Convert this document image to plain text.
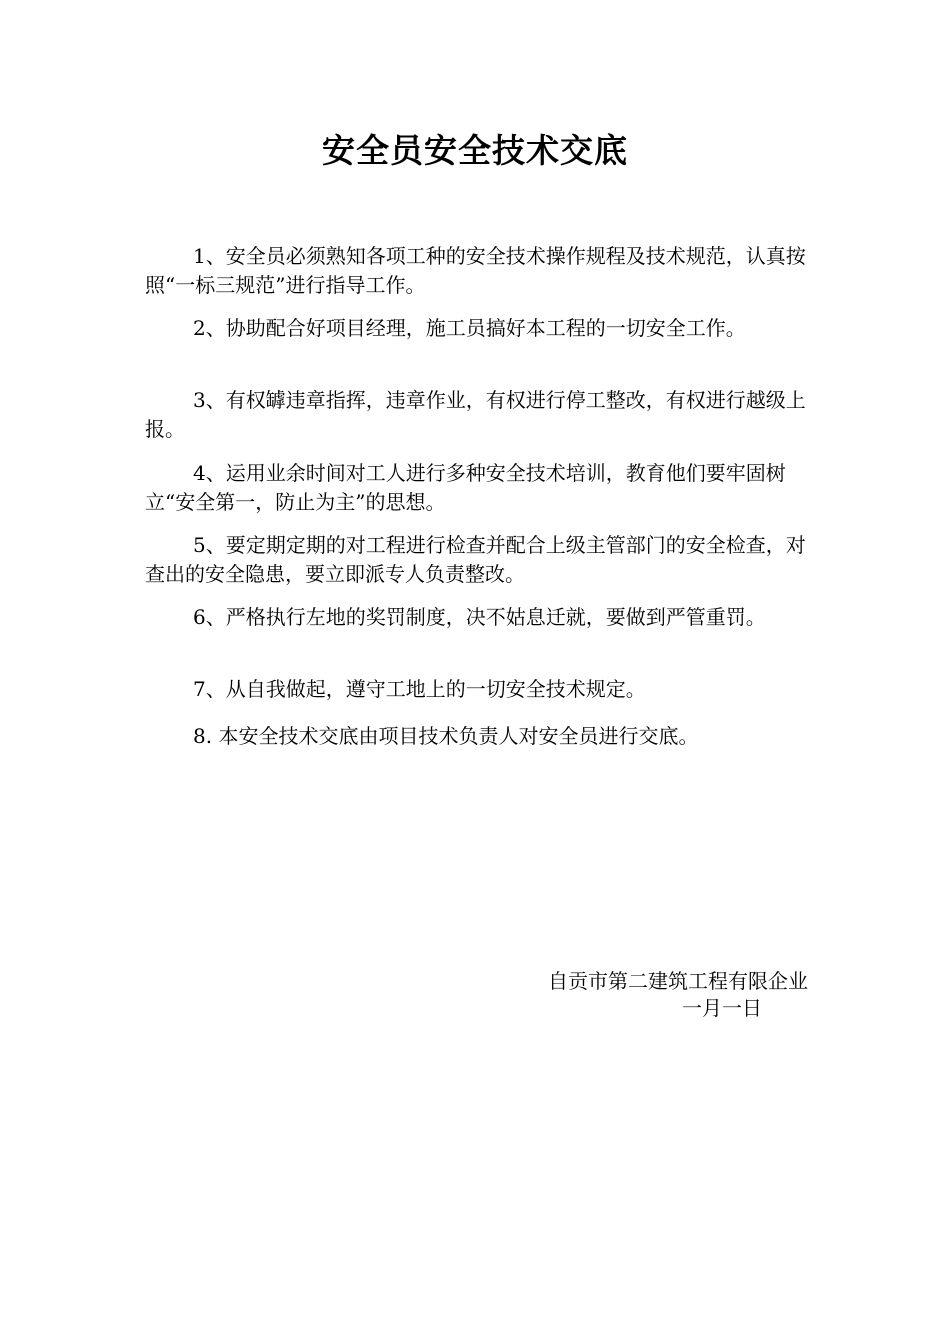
安全员安全技术交底

1、安全员必须熟知各项工种的安全技术操作规程及技术规范，认真按照“一标三规范”进行指导工作。

2、协助配合好项目经理，施工员搞好本工程的一切安全工作。

3、有权罅违章指挥，违章作业，有权进行停工整改，有权进行越级上报。

4、运用业余时间对工人进行多种安全技术培训，教育他们要牢固树立“安全第一，防止为主”的思想。

5、要定期定期的对工程进行检查并配合上级主管部门的安全检查，对查出的安全隐患，要立即派专人负责整改。

6、严格执行左地的奖罚制度，决不姑息迁就，要做到严管重罚。

7、从自我做起，遵守工地上的一切安全技术规定。

8. 本安全技术交底由项目技术负责人对安全员进行交底。

自贡市第二建筑工程有限企业
一月一日
